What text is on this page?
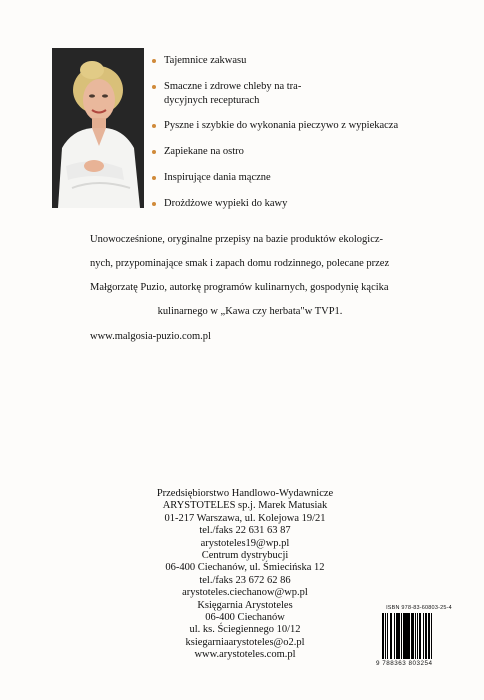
Tajemnice zakwasu
Smaczne i zdrowe chleby na tra-
dycyjnych recepturach
Pyszne i szybkie do wykonania pieczywo z wypiekacza
Zapiekane na ostro
Inspirujące dania mączne
Drożdżowe wypieki do kawy
Unowocześnione, oryginalne przepisy na bazie produktów ekologicz-
nych, przypominające smak i zapach domu rodzinnego, polecane przez
Małgorzatę Puzio, autorkę programów kulinarnych, gospodynię kącika
kulinarnego w „Kawa czy herbata"w TVP1.
www.malgosia-puzio.com.pl
Przedsiębiorstwo Handlowo-Wydawnicze
ARYSTOTELES sp.j. Marek Matusiak
01-217 Warszawa, ul. Kolejowa 19/21
tel./faks 22 631 63 87
arystoteles19@wp.pl
Centrum dystrybucji
06-400 Ciechanów, ul. Śmiecińska 12
tel./faks 23 672 62 86
arystoteles.ciechanow@wp.pl
Księgarnia Arystoteles
06-400 Ciechanów
ul. ks. Ściegiennego 10/12
ksiegarniaarystoteles@o2.pl
www.arystoteles.com.pl
ISBN 978-83-60803-25-4
9 788363 803254
